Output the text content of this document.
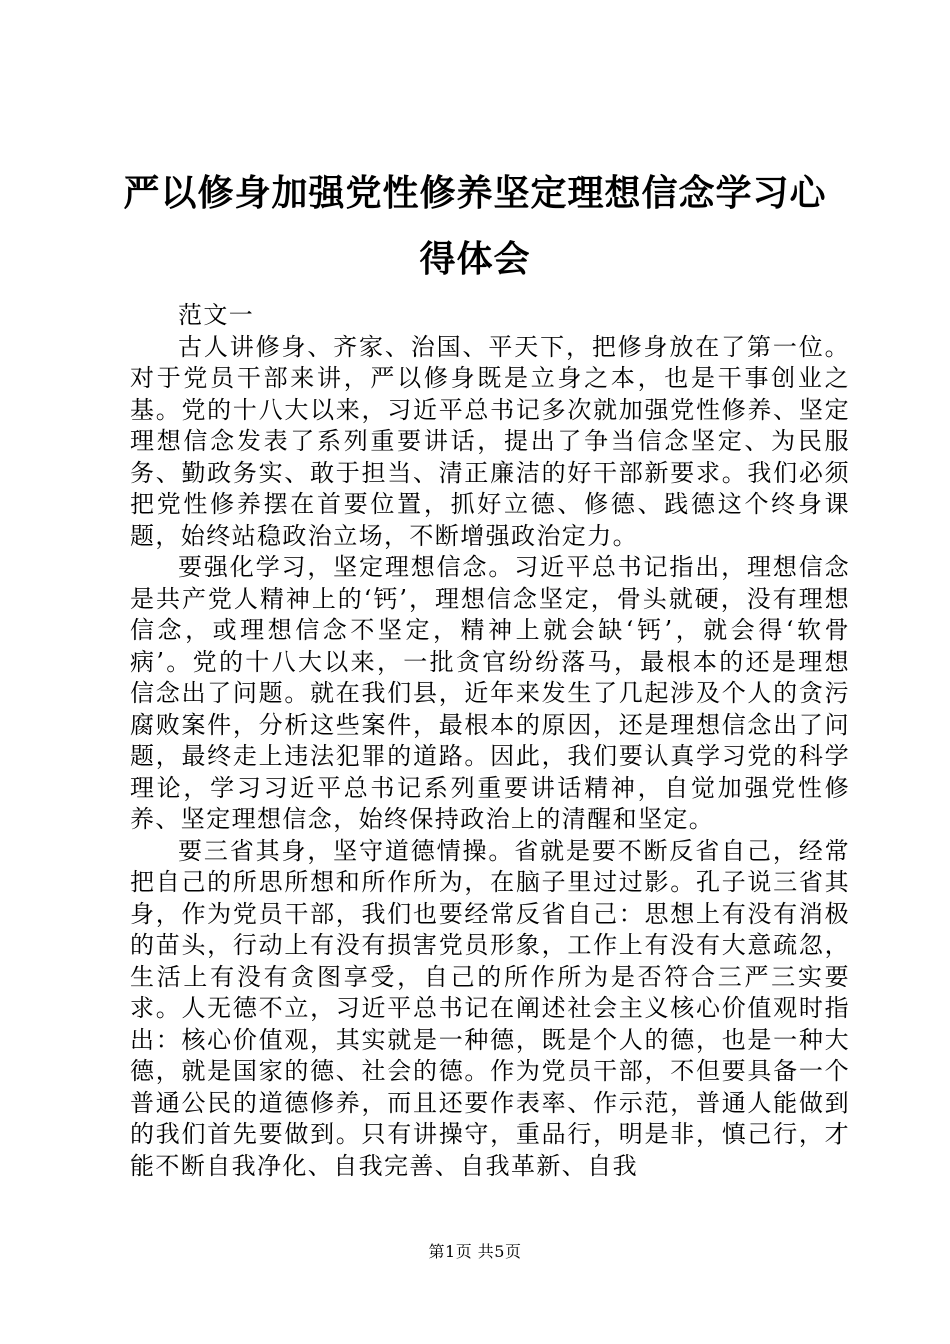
严以修身加强党性修养坚定理想信念学习心得体会

范文一

古人讲修身、齐家、治国、平天下，把修身放在了第一位。对于党员干部来讲，严以修身既是立身之本，也是干事创业之基。党的十八大以来，习近平总书记多次就加强党性修养、坚定理想信念发表了系列重要讲话，提出了争当信念坚定、为民服务、勤政务实、敢于担当、清正廉洁的好干部新要求。我们必须把党性修养摆在首要位置，抓好立德、修德、践德这个终身课题，始终站稳政治立场，不断增强政治定力。

要强化学习，坚定理想信念。习近平总书记指出，理想信念是共产党人精神上的‘钙’，理想信念坚定，骨头就硬，没有理想信念，或理想信念不坚定，精神上就会缺‘钙’，就会得‘软骨病’。党的十八大以来，一批贪官纷纷落马，最根本的还是理想信念出了问题。就在我们县，近年来发生了几起涉及个人的贪污腐败案件，分析这些案件，最根本的原因，还是理想信念出了问题，最终走上违法犯罪的道路。因此，我们要认真学习党的科学理论，学习习近平总书记系列重要讲话精神，自觉加强党性修养、坚定理想信念，始终保持政治上的清醒和坚定。

要三省其身，坚守道德情操。省就是要不断反省自己，经常把自己的所思所想和所作所为，在脑子里过过影。孔子说三省其身，作为党员干部，我们也要经常反省自己：思想上有没有消极的苗头，行动上有没有损害党员形象，工作上有没有大意疏忽，生活上有没有贪图享受，自己的所作所为是否符合三严三实要求。人无德不立，习近平总书记在阐述社会主义核心价值观时指出：核心价值观，其实就是一种德，既是个人的德，也是一种大德，就是国家的德、社会的德。作为党员干部，不但要具备一个普通公民的道德修养，而且还要作表率、作示范，普通人能做到的我们首先要做到。只有讲操守，重品行，明是非，慎己行，才能不断自我净化、自我完善、自我革新、自我

第1页 共5页
